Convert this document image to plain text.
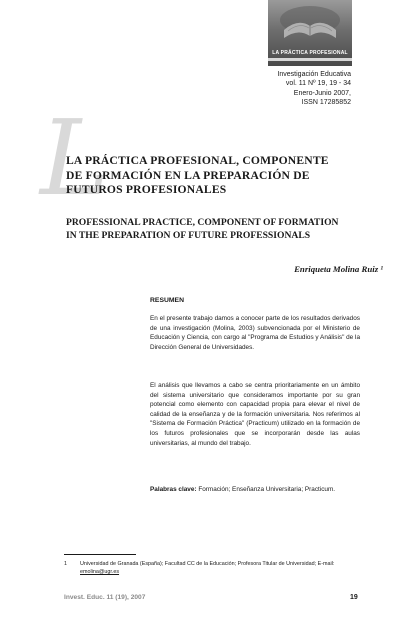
LA PRÁCTICA PROFESIONAL
Investigación Educativa
vol. 11 Nº 19, 19 - 34
Enero-Junio 2007,
ISSN 17285852
L
LA PRÁCTICA PROFESIONAL, COMPONENTE
DE FORMACIÓN EN LA PREPARACIÓN DE
FUTUROS PROFESIONALES
PROFESSIONAL PRACTICE, COMPONENT OF FORMATION
IN THE PREPARATION OF FUTURE PROFESSIONALS
Enriqueta Molina Ruiz ¹
RESUMEN
En el presente trabajo damos a conocer parte de los resultados derivados de una investigación (Molina, 2003) subvencionada por el Ministerio de Educación y Ciencia, con cargo al "Programa de Estudios y Análisis" de la Dirección General de Universidades.
El análisis que llevamos a cabo se centra prioritariamente en un ámbito del sistema universitario que consideramos importante por su gran potencial como elemento con capacidad propia para elevar el nivel de calidad de la enseñanza y de la formación universitaria. Nos referimos al "Sistema de Formación Práctica" (Practicum) utilizado en la formación de los futuros profesionales que se incorporarán desde las aulas universitarias, al mundo del trabajo.
Palabras clave: Formación; Enseñanza Universitaria; Practicum.
1	Universidad de Granada (España); Facultad CC de la Educación; Profesora Titular de Universidad; E-mail: emolina@ugr.es
Invest. Educ. 11 (19), 2007	19
